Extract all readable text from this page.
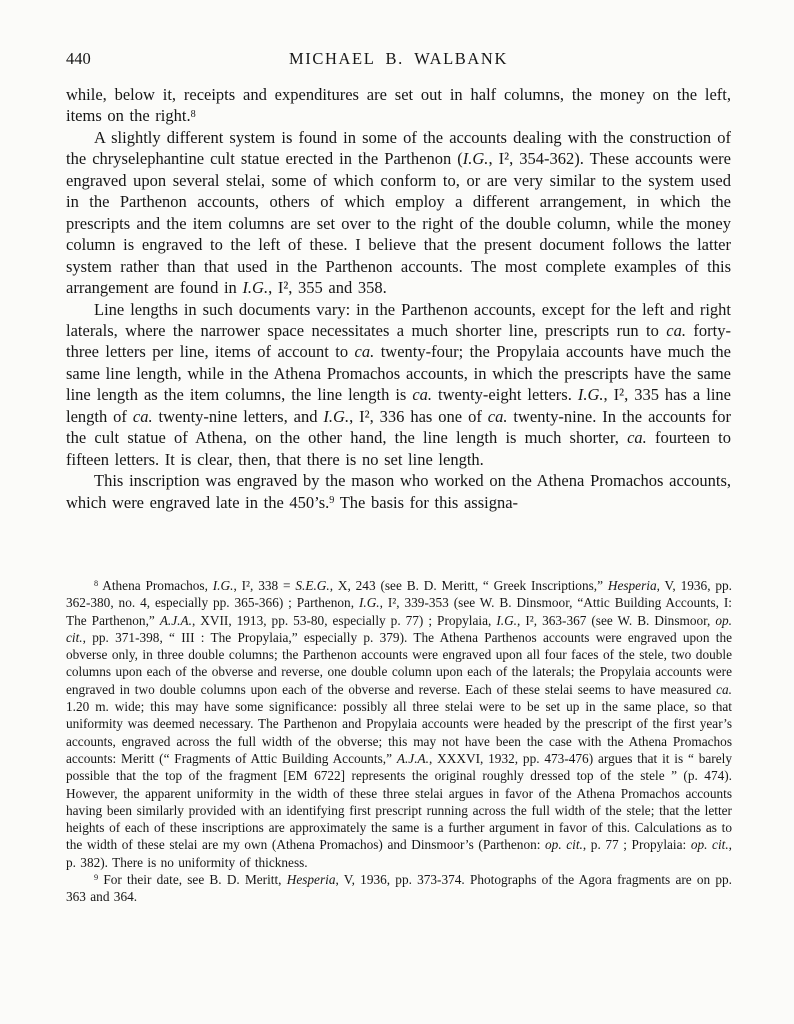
440	MICHAEL B. WALBANK

while, below it, receipts and expenditures are set out in half columns, the money on the left, items on the right.$^8$

A slightly different system is found in some of the accounts dealing with the construction of the chryselephantine cult statue erected in the Parthenon (I.G., I², 354-362). These accounts were engraved upon several stelai, some of which conform to, or are very similar to the system used in the Parthenon accounts, others of which employ a different arrangement, in which the prescripts and the item columns are set over to the right of the double column, while the money column is engraved to the left of these. I believe that the present document follows the latter system rather than that used in the Parthenon accounts. The most complete examples of this arrangement are found in I.G., I², 355 and 358.

Line lengths in such documents vary: in the Parthenon accounts, except for the left and right laterals, where the narrower space necessitates a much shorter line, prescripts run to ca. forty-three letters per line, items of account to ca. twenty-four; the Propylaia accounts have much the same line length, while in the Athena Promachos accounts, in which the prescripts have the same line length as the item columns, the line length is ca. twenty-eight letters. I.G., I², 335 has a line length of ca. twenty-nine letters, and I.G., I², 336 has one of ca. twenty-nine. In the accounts for the cult statue of Athena, on the other hand, the line length is much shorter, ca. fourteen to fifteen letters. It is clear, then, that there is no set line length.

This inscription was engraved by the mason who worked on the Athena Promachos accounts, which were engraved late in the 450’s.$^9$ The basis for this assigna-

$^8$ Athena Promachos, I.G., I², 338 = S.E.G., X, 243 (see B. D. Meritt, “ Greek Inscriptions,” Hesperia, V, 1936, pp. 362-380, no. 4, especially pp. 365-366) ; Parthenon, I.G., I², 339-353 (see W. B. Dinsmoor, “Attic Building Accounts, I: The Parthenon,” A.J.A., XVII, 1913, pp. 53-80, especially p. 77) ; Propylaia, I.G., I², 363-367 (see W. B. Dinsmoor, op. cit., pp. 371-398, “ III : The Propylaia,” especially p. 379). The Athena Parthenos accounts were engraved upon the obverse only, in three double columns; the Parthenon accounts were engraved upon all four faces of the stele, two double columns upon each of the obverse and reverse, one double column upon each of the laterals; the Propylaia accounts were engraved in two double columns upon each of the obverse and reverse. Each of these stelai seems to have measured ca. 1.20 m. wide; this may have some significance: possibly all three stelai were to be set up in the same place, so that uniformity was deemed necessary. The Parthenon and Propylaia accounts were headed by the prescript of the first year’s accounts, engraved across the full width of the obverse; this may not have been the case with the Athena Promachos accounts: Meritt (“ Fragments of Attic Building Accounts,” A.J.A., XXXVI, 1932, pp. 473-476) argues that it is “ barely possible that the top of the fragment [EM 6722] represents the original roughly dressed top of the stele ” (p. 474). However, the apparent uniformity in the width of these three stelai argues in favor of the Athena Promachos accounts having been similarly provided with an identifying first prescript running across the full width of the stele; that the letter heights of each of these inscriptions are approximately the same is a further argument in favor of this. Calculations as to the width of these stelai are my own (Athena Promachos) and Dinsmoor’s (Parthenon: op. cit., p. 77 ; Propylaia: op. cit., p. 382). There is no uniformity of thickness.

$^9$ For their date, see B. D. Meritt, Hesperia, V, 1936, pp. 373-374. Photographs of the Agora fragments are on pp. 363 and 364.
